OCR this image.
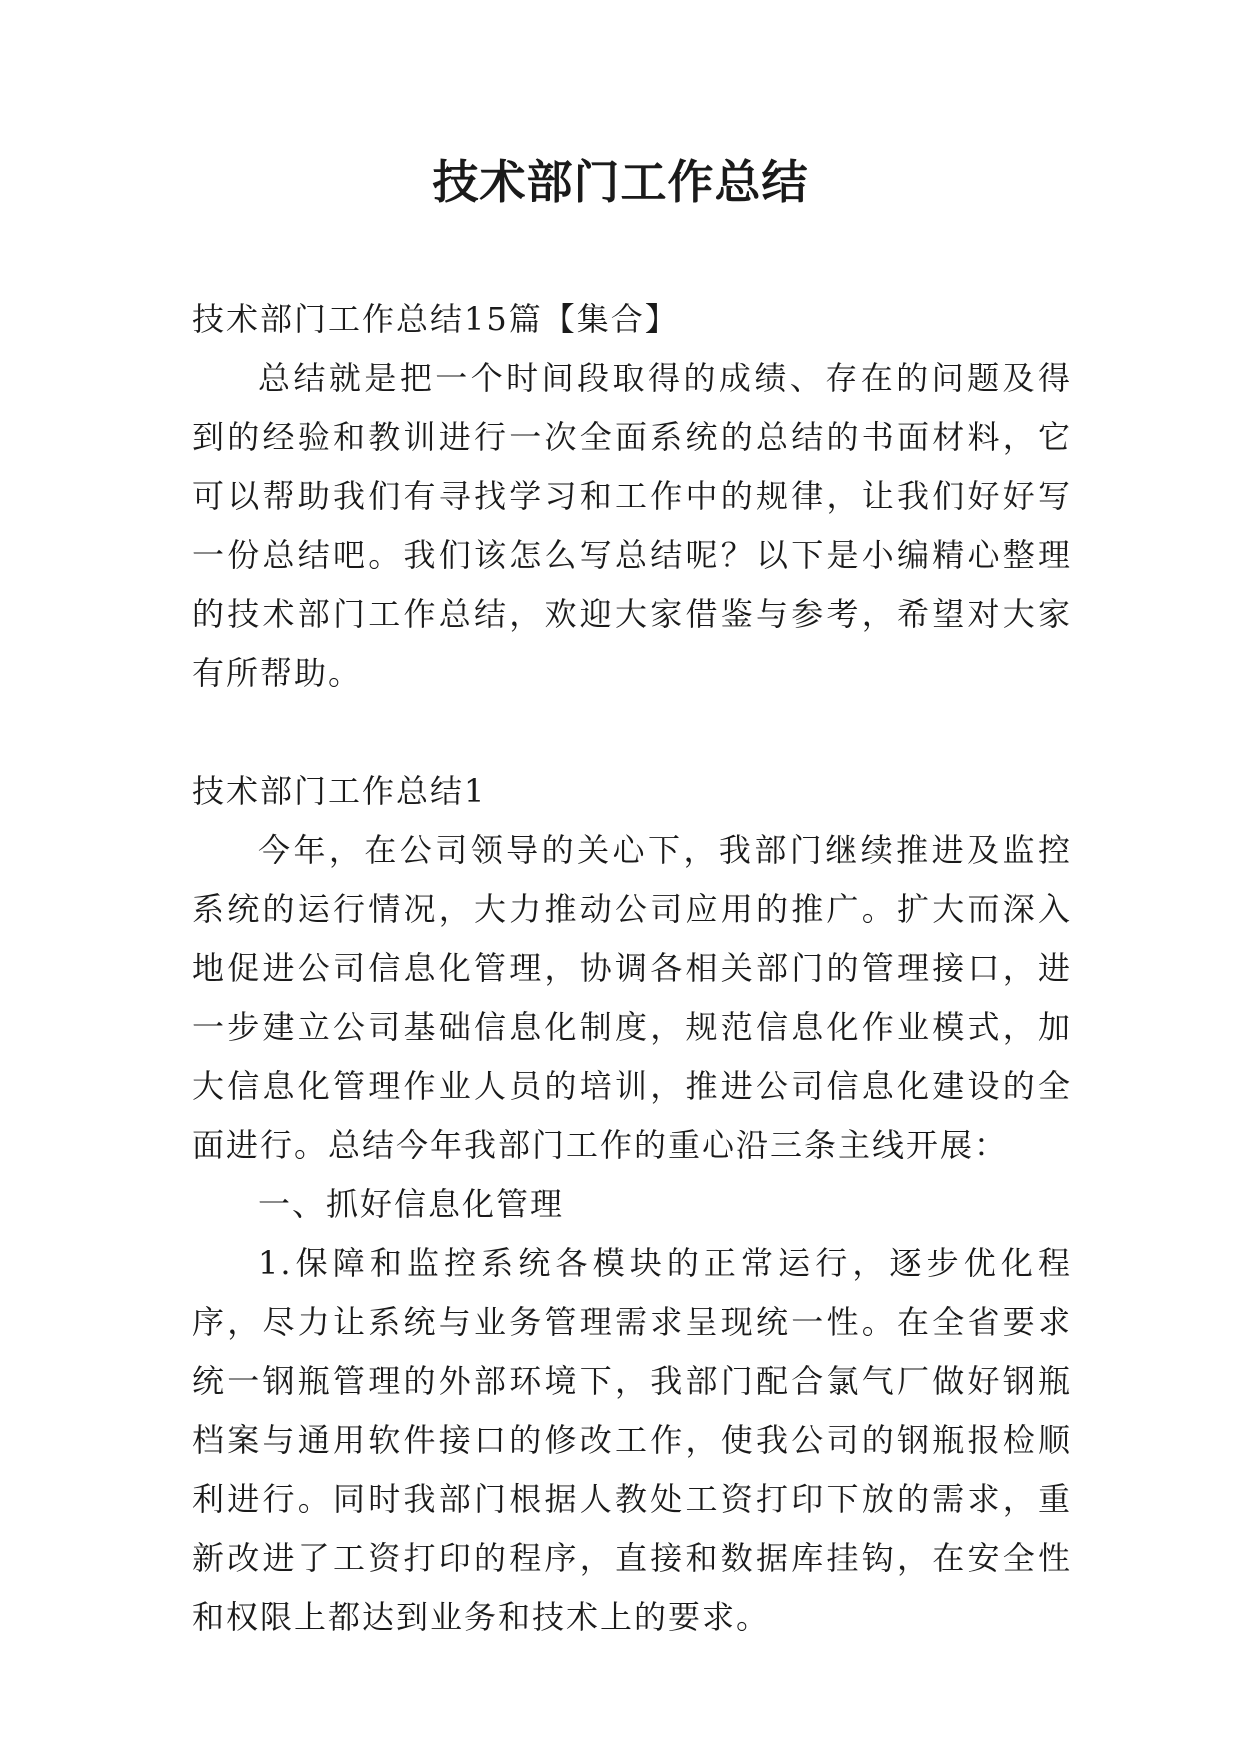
技术部门工作总结

技术部门工作总结15篇【集合】

总结就是把一个时间段取得的成绩、存在的问题及得到的经验和教训进行一次全面系统的总结的书面材料，它可以帮助我们有寻找学习和工作中的规律，让我们好好写一份总结吧。我们该怎么写总结呢？以下是小编精心整理的技术部门工作总结，欢迎大家借鉴与参考，希望对大家有所帮助。

技术部门工作总结1

今年，在公司领导的关心下，我部门继续推进及监控系统的运行情况，大力推动公司应用的推广。扩大而深入地促进公司信息化管理，协调各相关部门的管理接口，进一步建立公司基础信息化制度，规范信息化作业模式，加大信息化管理作业人员的培训，推进公司信息化建设的全面进行。总结今年我部门工作的重心沿三条主线开展：

一、抓好信息化管理

1.保障和监控系统各模块的正常运行，逐步优化程序，尽力让系统与业务管理需求呈现统一性。在全省要求统一钢瓶管理的外部环境下，我部门配合氯气厂做好钢瓶档案与通用软件接口的修改工作，使我公司的钢瓶报检顺利进行。同时我部门根据人教处工资打印下放的需求，重新改进了工资打印的程序，直接和数据库挂钩，在安全性和权限上都达到业务和技术上的要求。
